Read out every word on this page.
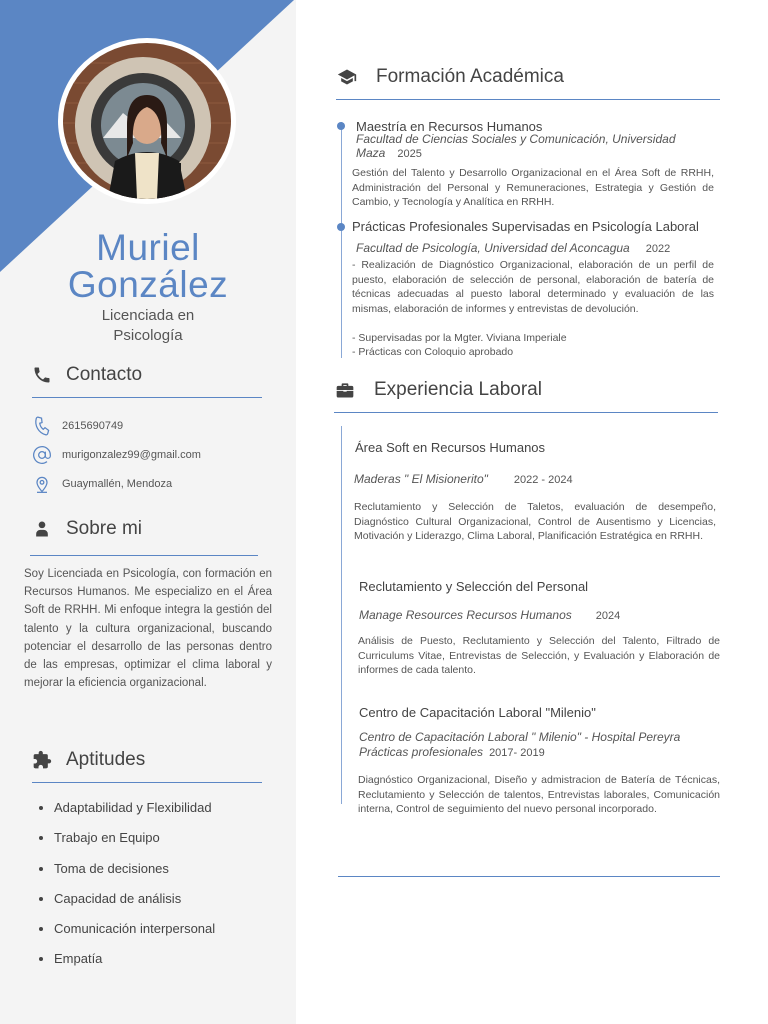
Muriel
González
Licenciada en
Psicología
Contacto
2615690749
murigonzalez99@gmail.com
Guaymallén, Mendoza
Sobre mi
Soy Licenciada en Psicología, con formación en Recursos Humanos. Me especializo en el Área Soft de RRHH. Mi enfoque integra la gestión del talento y la cultura organizacional, buscando potenciar el desarrollo de las personas dentro de las empresas, optimizar el clima laboral y mejorar la eficiencia organizacional.
Aptitudes
• Adaptabilidad y Flexibilidad
• Trabajo en Equipo
• Toma de decisiones
• Capacidad de análisis
• Comunicación interpersonal
• Empatía
Formación Académica
Maestría en Recursos Humanos
Facultad de Ciencias Sociales y Comunicación, Universidad Maza 2025
Gestión del Talento y Desarrollo Organizacional en el Área Soft de RRHH, Administración del Personal y Remuneraciones, Estrategia y Gestión de Cambio, y Tecnología y Analítica en RRHH.
Prácticas Profesionales Supervisadas en Psicología Laboral
Facultad de Psicología, Universidad del Aconcagua 2022
- Realización de Diagnóstico Organizacional, elaboración de un perfil de puesto, elaboración de selección de personal, elaboración de batería de técnicas adecuadas al puesto laboral determinado y evaluación de las mismas, elaboración de informes y entrevistas de devolución.
- Supervisadas por la Mgter. Viviana Imperiale
- Prácticas con Coloquio aprobado
Experiencia Laboral
Área Soft en Recursos Humanos
Maderas " El Misionerito" 2022 - 2024
Reclutamiento y Selección de Taletos, evaluación de desempeño, Diagnóstico Cultural Organizacional, Control de Ausentismo y Licencias, Motivación y Liderazgo, Clima Laboral, Planificación Estratégica en RRHH.
Reclutamiento y Selección del Personal
Manage Resources Recursos Humanos 2024
Análisis de Puesto, Reclutamiento y Selección del Talento, Filtrado de Curriculums Vitae, Entrevistas de Selección, y Evaluación y Elaboración de informes de cada talento.
Centro de Capacitación Laboral "Milenio"
Centro de Capacitación Laboral " Milenio" - Hospital Pereyra
Prácticas profesionales 2017- 2019
Diagnóstico Organizacional, Diseño y admistracion de Batería de Técnicas, Reclutamiento y Selección de talentos, Entrevistas laborales, Comunicación interna, Control de seguimiento del nuevo personal incorporado.
